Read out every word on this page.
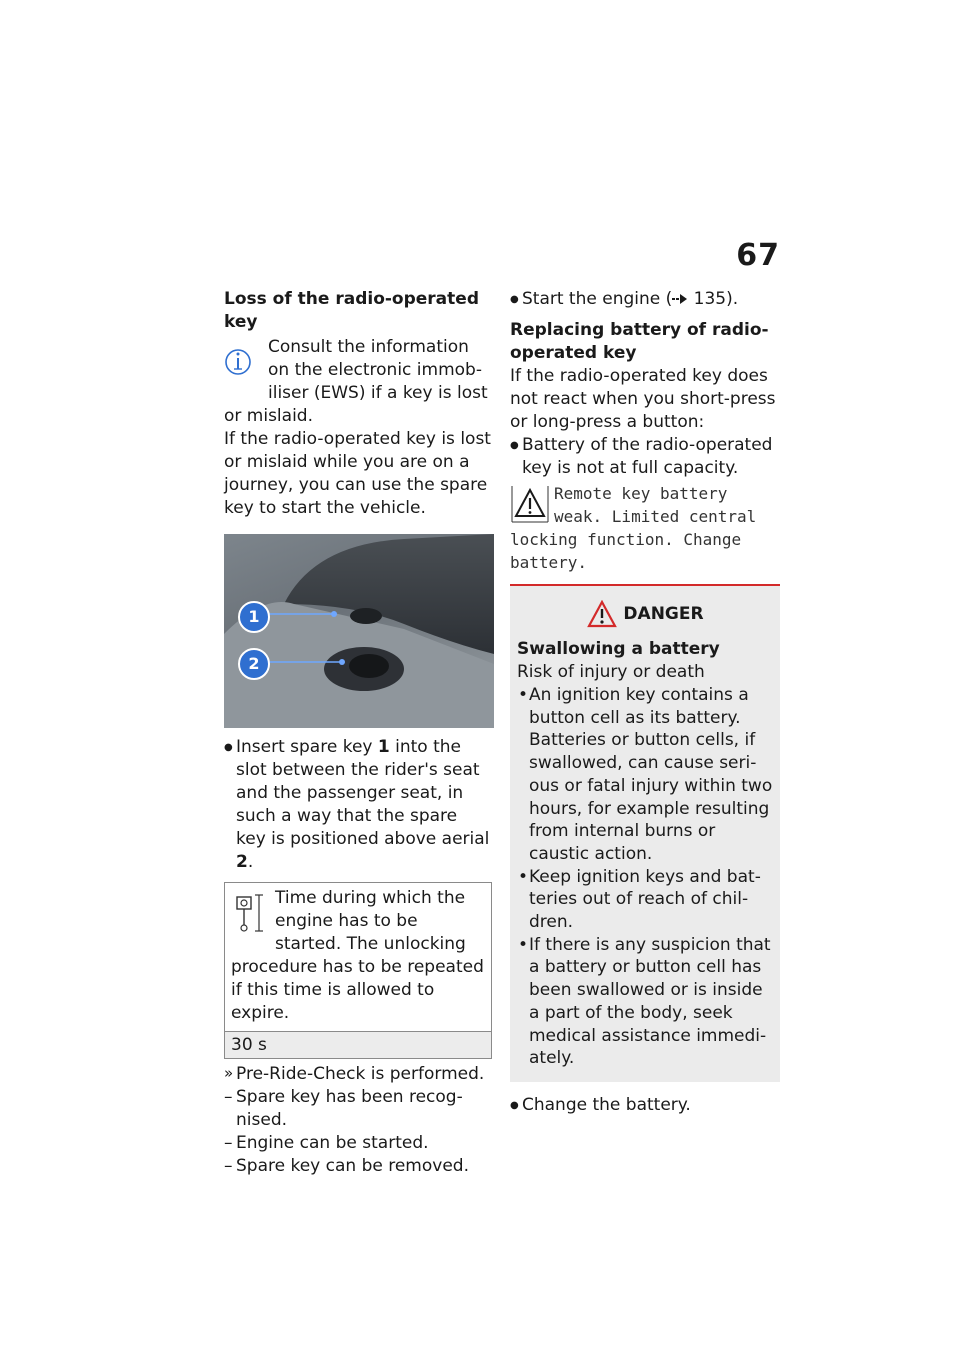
67

Loss of the radio-operated key

Consult the information on the electronic immobiliser (EWS) if a key is lost or mislaid.

If the radio-operated key is lost or mislaid while you are on a journey, you can use the spare key to start the vehicle.

1
2
● Insert spare key 1 into the slot between the rider's seat and the passenger seat, in such a way that the spare key is positioned above aerial 2.

Time during which the engine has to be started. The unlocking procedure has to be repeated if this time is allowed to expire.

30 s
» Pre-Ride-Check is performed.
– Spare key has been recognised.
– Engine can be started.
– Spare key can be removed.
● Start the engine ( 135).

Replacing battery of radio-operated key

If the radio-operated key does not react when you short-press or long-press a button:

● Battery of the radio-operated key is not at full capacity.

Remote key battery weak. Limited central locking function. Change battery.

DANGER

Swallowing a battery

Risk of injury or death

• An ignition key contains a button cell as its battery. Batteries or button cells, if swallowed, can cause serious or fatal injury within two hours, for example resulting from internal burns or caustic action.
• Keep ignition keys and batteries out of reach of children.
• If there is any suspicion that a battery or button cell has been swallowed or is inside a part of the body, seek medical assistance immediately.
● Change the battery.
